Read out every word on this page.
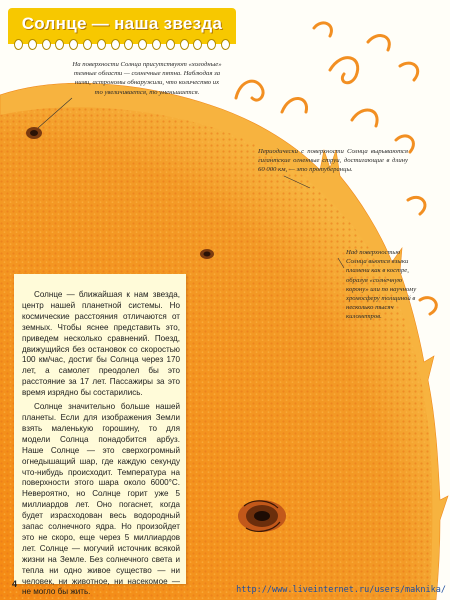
Солнце — наша звезда
На поверхности Солнца присутствуют «холодные» темные области — солнечные пятна. Наблюдая за ними, астрономы обнаружили, что количество их то увеличивается, то уменьшается.
Периодически с поверхности Солнца вырываются гигантские огненные струи, достигающие в длину 60 000 км, — это протуберанцы.
Над поверхностью Солнца вьются языки пламени как в костре, образуя «солнечную корону» или по научному хромосферу толщиной в несколько тысяч километров.

Солнце — ближайшая к нам звезда, центр нашей планетной системы. Но космические расстояния отличаются от земных. Чтобы яснее представить это, приведем несколько сравнений. Поезд, движущийся без остановок со скоростью 100 км/час, достиг бы Солнца через 170 лет, а самолет преодолел бы это расстояние за 17 лет. Пассажиры за это время изрядно бы состарились.

Солнце значительно больше нашей планеты. Если для изображения Земли взять маленькую горошину, то для модели Солнца понадобится арбуз. Наше Солнце — это сверхогромный огнедышащий шар, где каждую секунду что-нибудь происходит. Температура на поверхности этого шара около 6000°С. Невероятно, но Солнце горит уже 5 миллиардов лет. Оно погаснет, когда будет израсходован весь водородный запас солнечного ядра. Но произойдет это не скоро, еще через 5 миллиардов лет. Солнце — могучий источник всякой жизни на Земле. Без солнечного света и тепла ни одно живое существо — ни человек, ни животное, ни насекомое — не могло бы жить.

4
http://www.liveinternet.ru/users/maknika/
